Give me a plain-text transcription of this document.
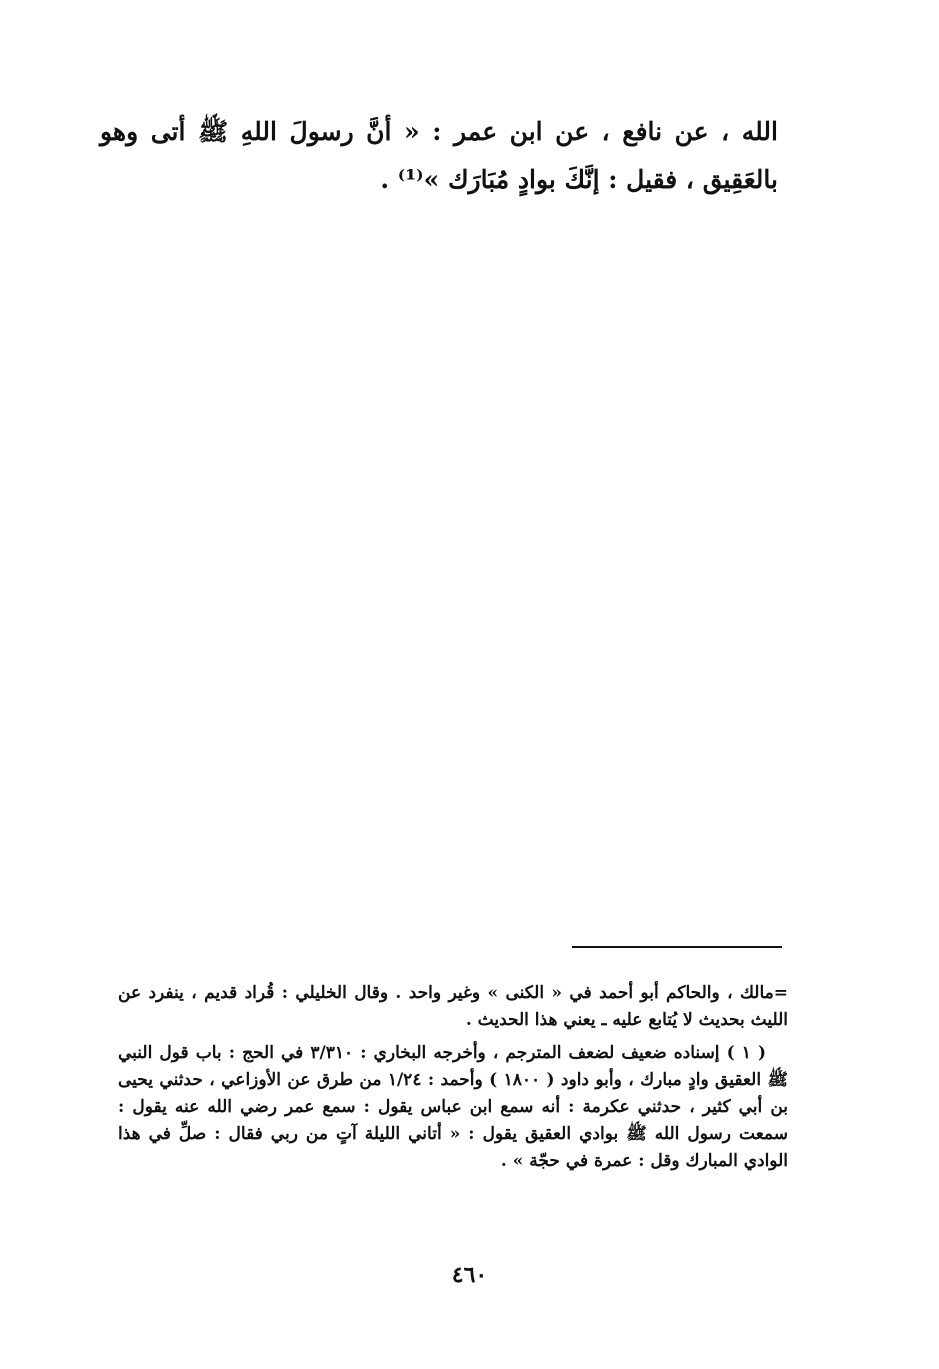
الله ، عن نافع ، عن ابن عمر : « أنَّ رسولَ اللهِ ﷺ أتى وهو بالعَقِيق ، فقيل : إنَّكَ بوادٍ مُبَارَك »⁽¹⁾ .

=مالك ، والحاكم أبو أحمد في « الكنى » وغير واحد . وقال الخليلي : قُراد قديم ، ينفرد عن الليث بحديث لا يُتابع عليه ـ يعني هذا الحديث .

( ١ ) إسناده ضعيف لضعف المترجم ، وأخرجه البخاري : ٣/٣١٠ في الحج : باب قول النبي ﷺ العقيق وادٍ مبارك ، وأبو داود ( ١٨٠٠ ) وأحمد : ١/٢٤ من طرق عن الأوزاعي ، حدثني يحيى بن أبي كثير ، حدثني عكرمة : أنه سمع ابن عباس يقول : سمع عمر رضي الله عنه يقول : سمعت رسول الله ﷺ بوادي العقيق يقول : « أتاني الليلة آتٍ من ربي فقال : صلِّ في هذا الوادي المبارك وقل : عمرة في حجّة » .

٤٦٠
